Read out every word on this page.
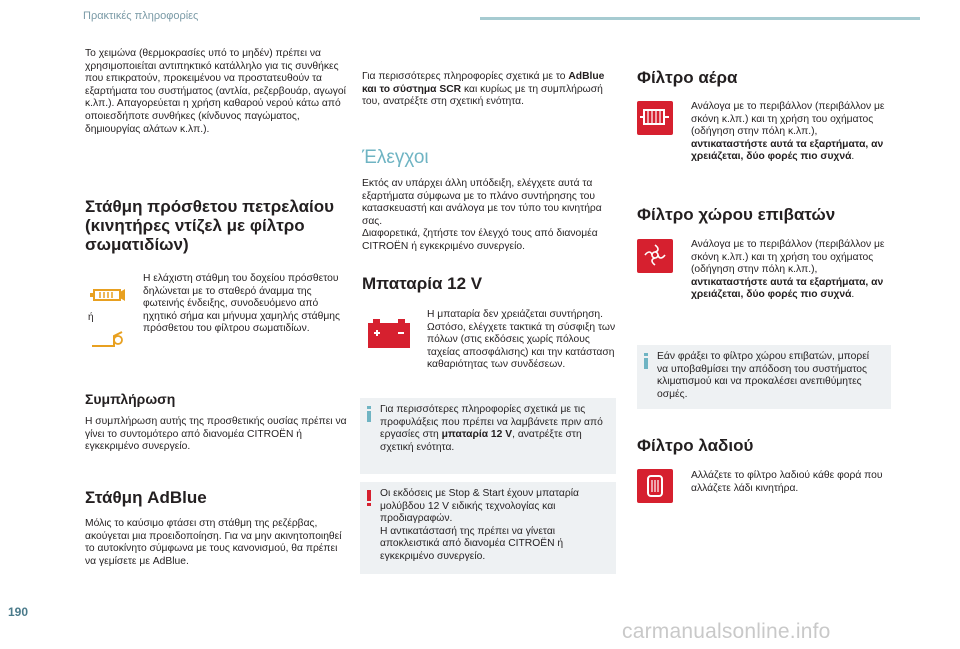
Πρακτικές πληροφορίες

Το χειμώνα (θερμοκρασίες υπό το μηδέν) πρέπει να χρησιμοποιείται αντιπηκτικό κατάλληλο για τις συνθήκες που επικρατούν, προκειμένου να προστατευθούν τα εξαρτήματα του συστήματος (αντλία, ρεζερβουάρ, αγωγοί κ.λπ.). Απαγορεύεται η χρήση καθαρού νερού κάτω από οποιεσδήποτε συνθήκες (κίνδυνος παγώματος, δημιουργίας αλάτων κ.λπ.).

Στάθμη πρόσθετου πετρελαίου (κινητήρες ντίζελ με φίλτρο σωματιδίων)
ή

Η ελάχιστη στάθμη του δοχείου πρόσθετου δηλώνεται με το σταθερό άναμμα της φωτεινής ένδειξης, συνοδευόμενο από ηχητικό σήμα και μήνυμα χαμηλής στάθμης πρόσθετου του φίλτρου σωματιδίων.

Συμπλήρωση

Η συμπλήρωση αυτής της προσθετικής ουσίας πρέπει να γίνει το συντομότερο από διανομέα CITROËN ή εγκεκριμένο συνεργείο.

Στάθμη AdBlue

Μόλις το καύσιμο φτάσει στη στάθμη της ρεζέρβας, ακούγεται μια προειδοποίηση. Για να μην ακινητοποιηθεί το αυτοκίνητο σύμφωνα με τους κανονισμού, θα πρέπει να γεμίσετε με AdBlue.

Για περισσότερες πληροφορίες σχετικά με το AdBlue και το σύστημα SCR και κυρίως με τη συμπλήρωσή του, ανατρέξτε στη σχετική ενότητα.

Έλεγχοι

Εκτός αν υπάρχει άλλη υπόδειξη, ελέγχετε αυτά τα εξαρτήματα σύμφωνα με το πλάνο συντήρησης του κατασκευαστή και ανάλογα με τον τύπο του κινητήρα σας.

Διαφορετικά, ζητήστε τον έλεγχό τους από διανομέα CITROËN ή εγκεκριμένο συνεργείο.

Μπαταρία 12 V

Η μπαταρία δεν χρειάζεται συντήρηση. Ωστόσο, ελέγχετε τακτικά τη σύσφιξη των πόλων (στις εκδόσεις χωρίς πόλους ταχείας αποσφάλισης) και την κατάσταση καθαριότητας των συνδέσεων.

Για περισσότερες πληροφορίες σχετικά με τις προφυλάξεις που πρέπει να λαμβάνετε πριν από εργασίες στη μπαταρία 12 V, ανατρέξτε στη σχετική ενότητα.

Οι εκδόσεις με Stop & Start έχουν μπαταρία μολύβδου 12 V ειδικής τεχνολογίας και προδιαγραφών.
Η αντικατάστασή της πρέπει να γίνεται αποκλειστικά από διανομέα CITROËN ή εγκεκριμένο συνεργείο.

Φίλτρο αέρα

Ανάλογα με το περιβάλλον (περιβάλλον με σκόνη κ.λπ.) και τη χρήση του οχήματος (οδήγηση στην πόλη κ.λπ.), αντικαταστήστε αυτά τα εξαρτήματα, αν χρειάζεται, δύο φορές πιο συχνά.

Φίλτρο χώρου επιβατών

Ανάλογα με το περιβάλλον (περιβάλλον με σκόνη κ.λπ.) και τη χρήση του οχήματος (οδήγηση στην πόλη κ.λπ.), αντικαταστήστε αυτά τα εξαρτήματα, αν χρειάζεται, δύο φορές πιο συχνά.

Εάν φράξει το φίλτρο χώρου επιβατών, μπορεί να υποβαθμίσει την απόδοση του συστήματος κλιματισμού και να προκαλέσει ανεπιθύμητες οσμές.

Φίλτρο λαδιού

Αλλάζετε το φίλτρο λαδιού κάθε φορά που αλλάζετε λάδι κινητήρα.

190
carmanualsonline.info
